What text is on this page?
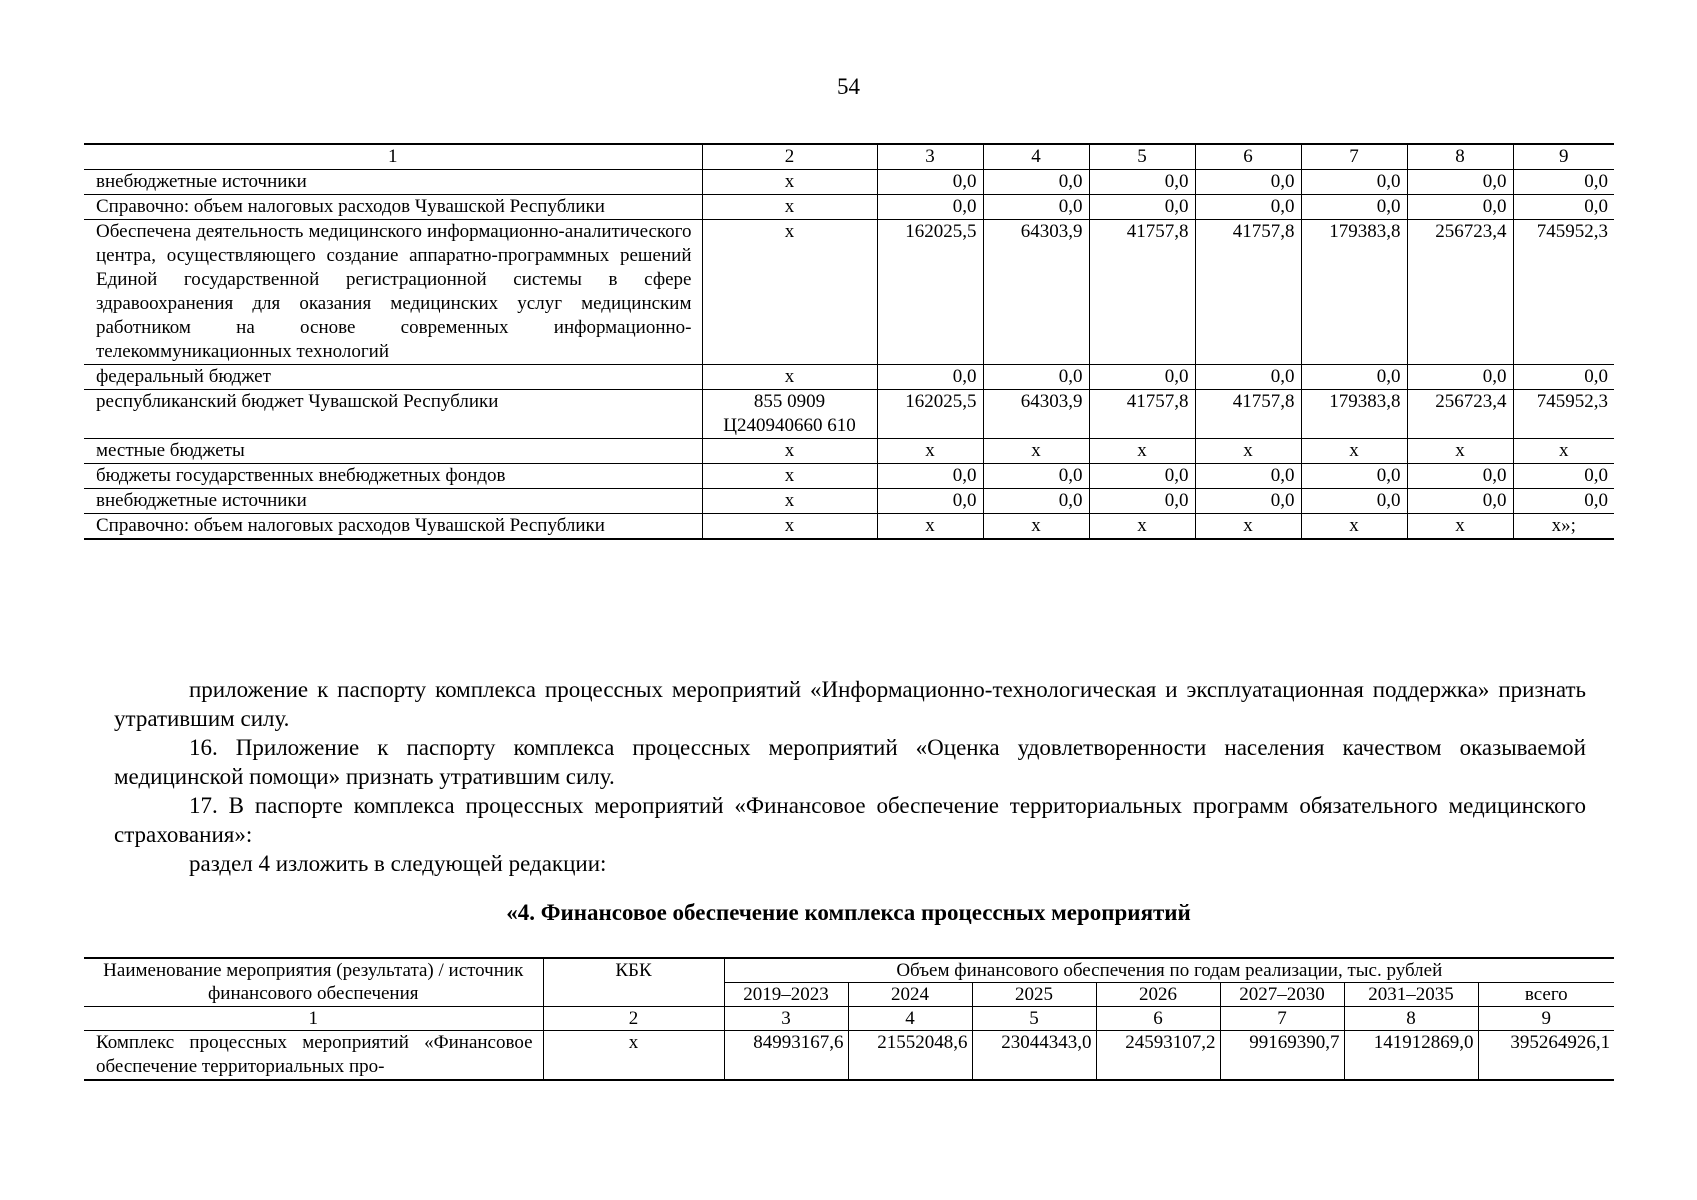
54
1	2	3	4	5	6	7	8	9
внебюджетные источники	х	0,0	0,0	0,0	0,0	0,0	0,0	0,0
Справочно: объем налоговых расходов Чувашской Республики	х	0,0	0,0	0,0	0,0	0,0	0,0	0,0
Обеспечена деятельность медицинского информационно-аналитического центра, осуществляющего создание аппаратно-программных решений Единой государственной регистрационной системы в сфере здравоохранения для оказания медицинских услуг медицинским работником на основе современных информационно-телекоммуникационных технологий	х	162025,5	64303,9	41757,8	41757,8	179383,8	256723,4	745952,3
федеральный бюджет	х	0,0	0,0	0,0	0,0	0,0	0,0	0,0
республиканский бюджет Чувашской Республики	855 0909 Ц240940660 610	162025,5	64303,9	41757,8	41757,8	179383,8	256723,4	745952,3
местные бюджеты	х	х	х	х	х	х	х	х
бюджеты государственных внебюджетных фондов	х	0,0	0,0	0,0	0,0	0,0	0,0	0,0
внебюджетные источники	х	0,0	0,0	0,0	0,0	0,0	0,0	0,0
Справочно: объем налоговых расходов Чувашской Республики	х	х	х	х	х	х	х	х»;
приложение к паспорту комплекса процессных мероприятий «Информационно-технологическая и эксплуатационная поддержка» признать утратившим силу.
16. Приложение к паспорту комплекса процессных мероприятий «Оценка удовлетворенности населения качеством оказываемой медицинской помощи» признать утратившим силу.
17. В паспорте комплекса процессных мероприятий «Финансовое обеспечение территориальных программ обязательного медицинского страхования»:
раздел 4 изложить в следующей редакции:
«4. Финансовое обеспечение комплекса процессных мероприятий
Наименование мероприятия (результата) / источник финансового обеспечения	КБК	Объем финансового обеспечения по годам реализации, тыс. рублей						
		2019–2023	2024	2025	2026	2027–2030	2031–2035	всего
1	2	3	4	5	6	7	8	9
Комплекс процессных мероприятий «Финансовое обеспечение территориальных про-	х	84993167,6	21552048,6	23044343,0	24593107,2	99169390,7	141912869,0	395264926,1
